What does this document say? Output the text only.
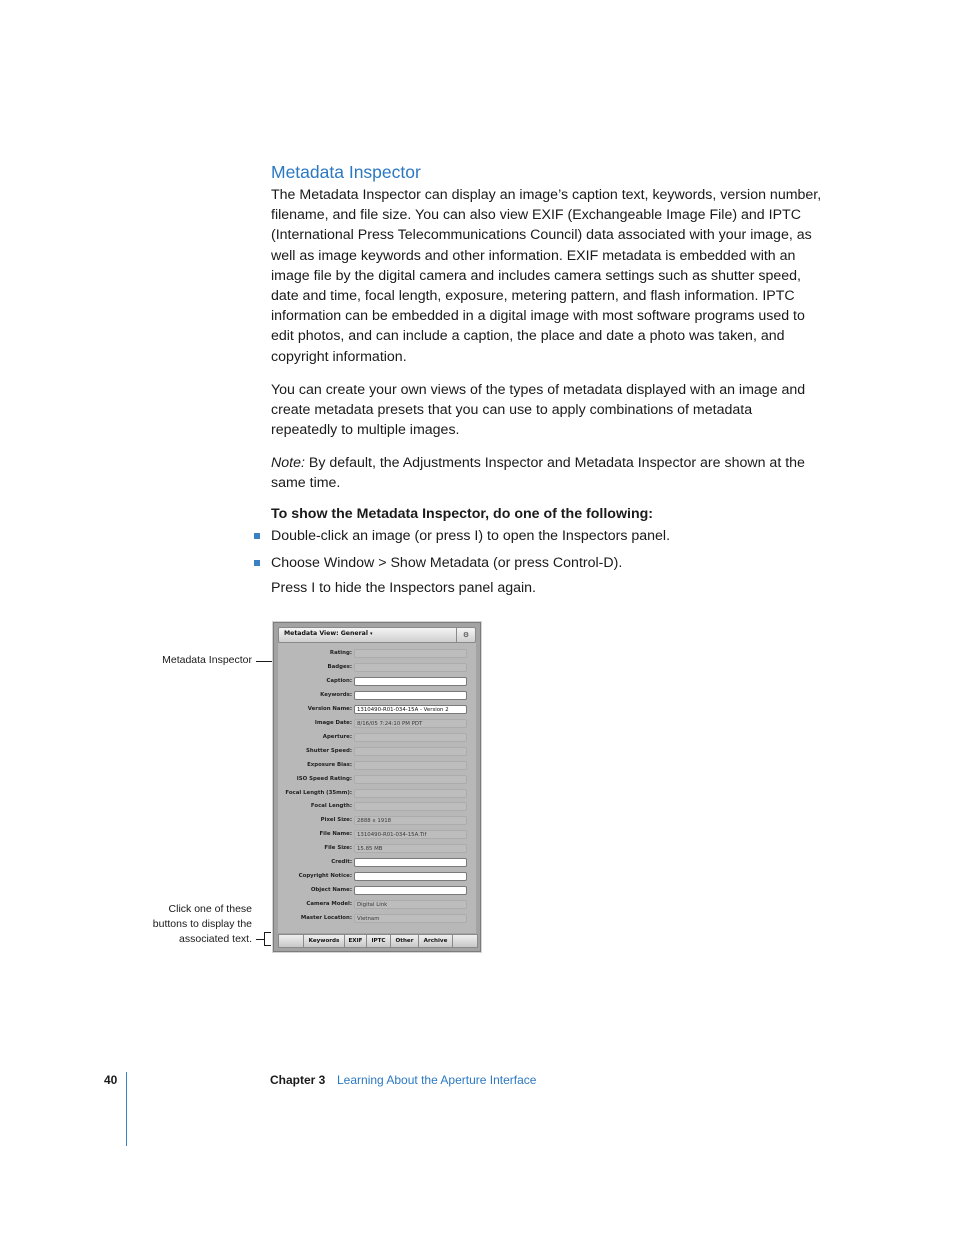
Metadata Inspector
The Metadata Inspector can display an image’s caption text, keywords, version number,
filename, and file size. You can also view EXIF (Exchangeable Image File) and IPTC
(International Press Telecommunications Council) data associated with your image, as
well as image keywords and other information. EXIF metadata is embedded with an
image file by the digital camera and includes camera settings such as shutter speed,
date and time, focal length, exposure, metering pattern, and flash information. IPTC
information can be embedded in a digital image with most software programs used to
edit photos, and can include a caption, the place and date a photo was taken, and
copyright information.
You can create your own views of the types of metadata displayed with an image and
create metadata presets that you can use to apply combinations of metadata
repeatedly to multiple images.
Note: By default, the Adjustments Inspector and Metadata Inspector are shown at the
same time.
To show the Metadata Inspector, do one of the following:
Double-click an image (or press I) to open the Inspectors panel.
Choose Window > Show Metadata (or press Control-D).
Press I to hide the Inspectors panel again.
Metadata Inspector
Click one of these
buttons to display the
associated text.
Metadata View: General ▾	⚙
Rating:
Badges:
Caption:
Keywords:
Version Name: 1310490-R01-034-15A - Version 2
Image Date: 8/16/05 7:24:10 PM PDT
Aperture:
Shutter Speed:
Exposure Bias:
ISO Speed Rating:
Focal Length (35mm):
Focal Length:
Pixel Size: 2888 x 1918
File Name: 1310490-R01-034-15A.Tif
File Size: 15.85 MB
Credit:
Copyright Notice:
Object Name:
Camera Model: Digital Link
Master Location: Vietnam
Keywords	EXIF	IPTC	Other	Archive
40	Chapter 3 Learning About the Aperture Interface
